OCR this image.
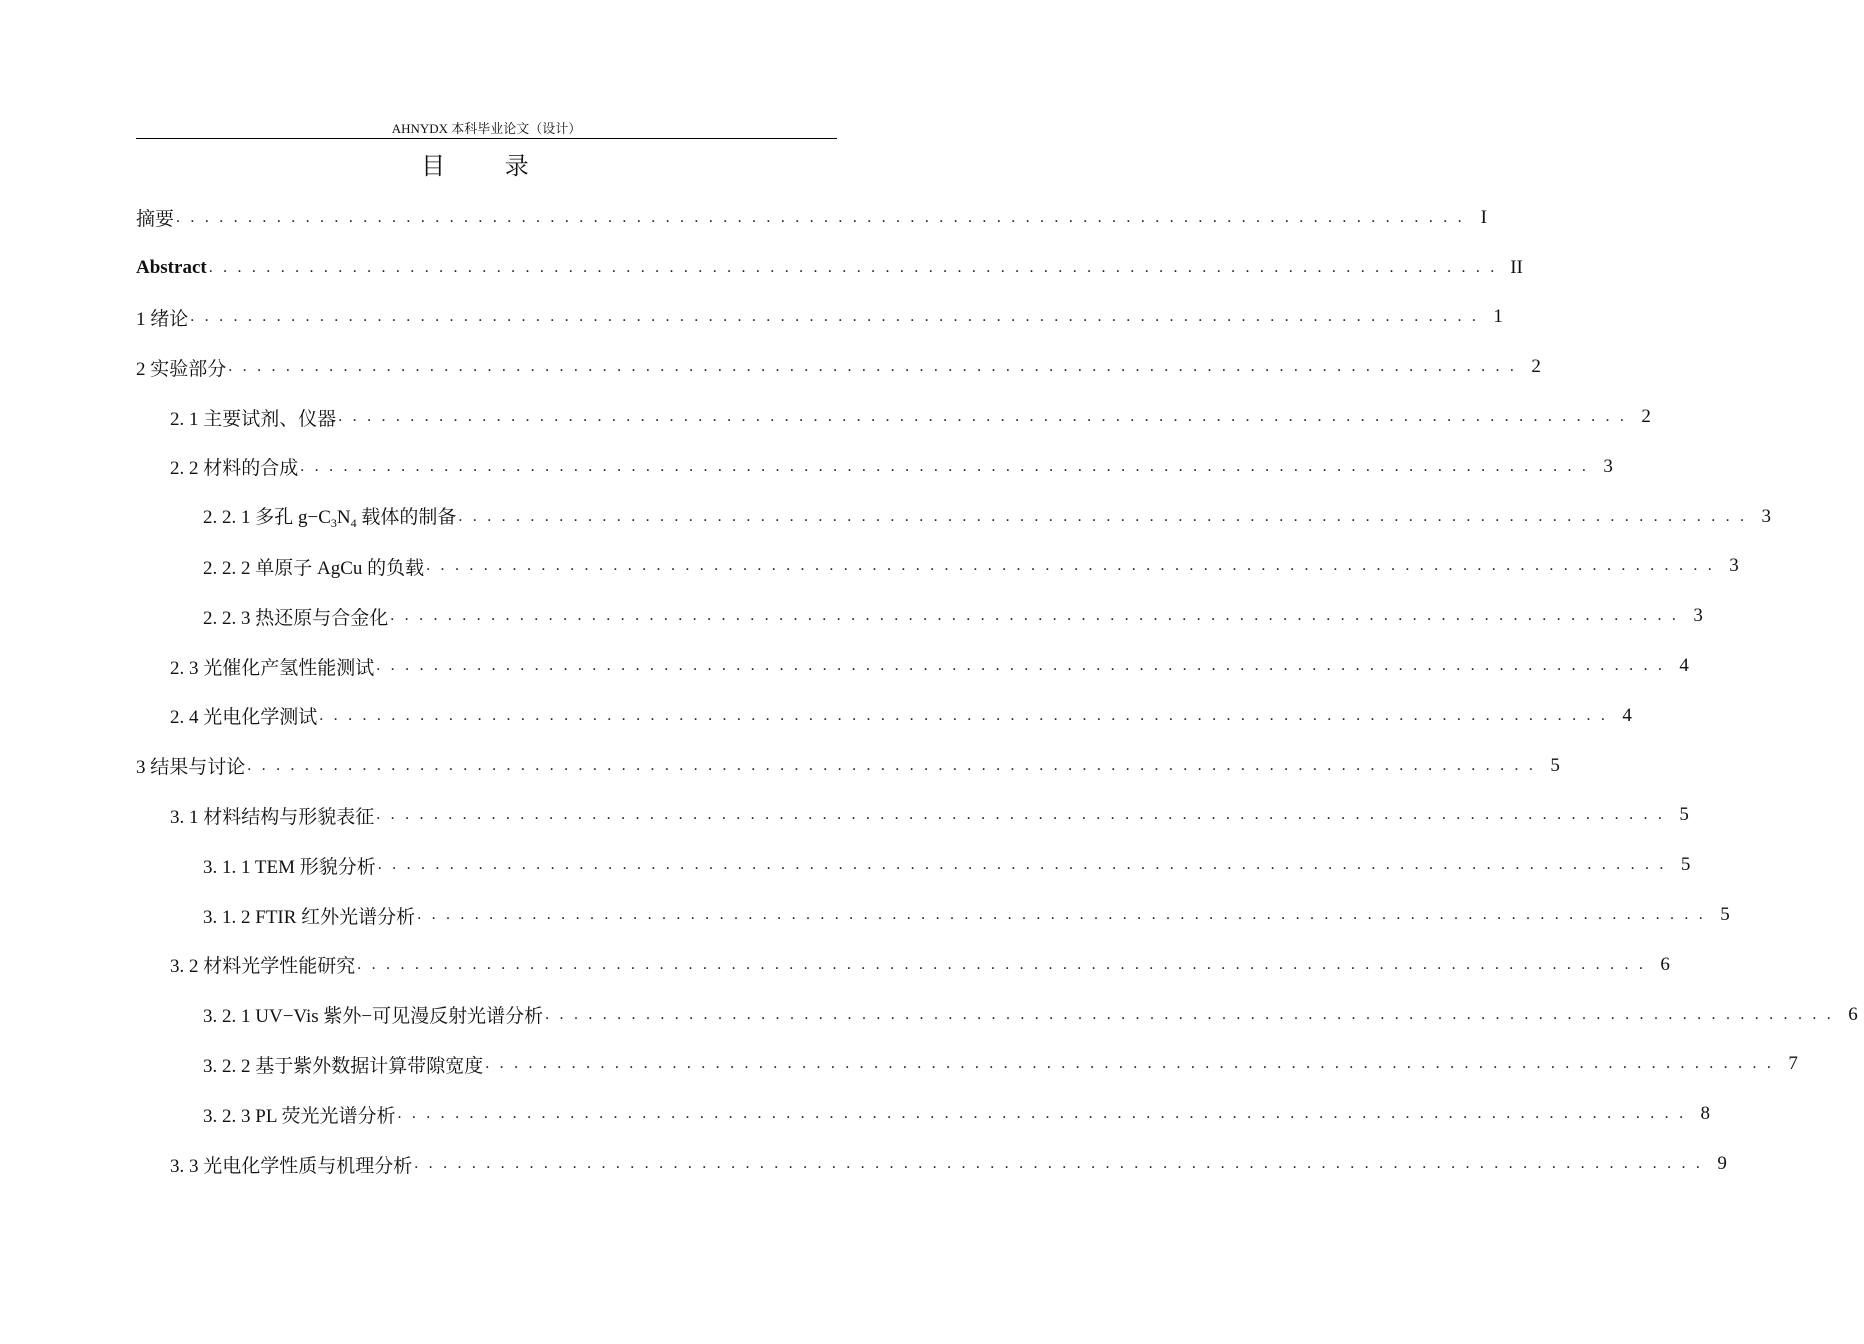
AHNYDX 本科毕业论文（设计）
目 录
摘要 . . . . . . . . . . . . . . . . . . . . . . . . . . . . . . . . . . . . . . . . . . . . . . . . . . . . . . . . . . . . . . . . . . . . . . . . . . . . . . . . . . . . . . . . . . I
Abstract . . . . . . . . . . . . . . . . . . . . . . . . . . . . . . . . . . . . . . . . . . . . . . . . . . . . . . . . . . . . . . . . . . . . . . . . . . . . . . . . . . . . . . . . . . II
1 绪论 . . . . . . . . . . . . . . . . . . . . . . . . . . . . . . . . . . . . . . . . . . . . . . . . . . . . . . . . . . . . . . . . . . . . . . . . . . . . . . . . . . . . . . . . . . 1
2 实验部分 . . . . . . . . . . . . . . . . . . . . . . . . . . . . . . . . . . . . . . . . . . . . . . . . . . . . . . . . . . . . . . . . . . . . . . . . . . . . . . . . . . . . . . . . . . 2
2. 1 主要试剂、仪器 . . . . . . . . . . . . . . . . . . . . . . . . . . . . . . . . . . . . . . . . . . . . . . . . . . . . . . . . . . . . . . . . . . . . . . . . . . . . . . . . . . . . . . . . . . 2
2. 2 材料的合成 . . . . . . . . . . . . . . . . . . . . . . . . . . . . . . . . . . . . . . . . . . . . . . . . . . . . . . . . . . . . . . . . . . . . . . . . . . . . . . . . . . . . . . . . . . 3
2. 2. 1 多孔 $g-C_3N_4$ 载体的制备 . . . . . . . . . . . . . . . . . . . . . . . . . . . . . . . . . . . . . . . . . . . . . . . . . . . . . . . . . . . . . . . . . . . . . . . . . . . . . . . . . . . . . . . . . . 3
2. 2. 2 单原子 AgCu 的负载 . . . . . . . . . . . . . . . . . . . . . . . . . . . . . . . . . . . . . . . . . . . . . . . . . . . . . . . . . . . . . . . . . . . . . . . . . . . . . . . . . . . . . . . . . . 3
2. 2. 3 热还原与合金化 . . . . . . . . . . . . . . . . . . . . . . . . . . . . . . . . . . . . . . . . . . . . . . . . . . . . . . . . . . . . . . . . . . . . . . . . . . . . . . . . . . . . . . . . . . 3
2. 3 光催化产氢性能测试 . . . . . . . . . . . . . . . . . . . . . . . . . . . . . . . . . . . . . . . . . . . . . . . . . . . . . . . . . . . . . . . . . . . . . . . . . . . . . . . . . . . . . . . . . . 4
2. 4 光电化学测试 . . . . . . . . . . . . . . . . . . . . . . . . . . . . . . . . . . . . . . . . . . . . . . . . . . . . . . . . . . . . . . . . . . . . . . . . . . . . . . . . . . . . . . . . . . 4
3 结果与讨论 . . . . . . . . . . . . . . . . . . . . . . . . . . . . . . . . . . . . . . . . . . . . . . . . . . . . . . . . . . . . . . . . . . . . . . . . . . . . . . . . . . . . . . . . . . 5
3. 1 材料结构与形貌表征 . . . . . . . . . . . . . . . . . . . . . . . . . . . . . . . . . . . . . . . . . . . . . . . . . . . . . . . . . . . . . . . . . . . . . . . . . . . . . . . . . . . . . . . . . . 5
3. 1. 1 TEM 形貌分析 . . . . . . . . . . . . . . . . . . . . . . . . . . . . . . . . . . . . . . . . . . . . . . . . . . . . . . . . . . . . . . . . . . . . . . . . . . . . . . . . . . . . . . . . . . 5
3. 1. 2 FTIR 红外光谱分析 . . . . . . . . . . . . . . . . . . . . . . . . . . . . . . . . . . . . . . . . . . . . . . . . . . . . . . . . . . . . . . . . . . . . . . . . . . . . . . . . . . . . . . . . . . 5
3. 2 材料光学性能研究 . . . . . . . . . . . . . . . . . . . . . . . . . . . . . . . . . . . . . . . . . . . . . . . . . . . . . . . . . . . . . . . . . . . . . . . . . . . . . . . . . . . . . . . . . . 6
3. 2. 1 UV−Vis 紫外−可见漫反射光谱分析 . . . . . . . . . . . . . . . . . . . . . . . . . . . . . . . . . . . . . . . . . . . . . . . . . . . . . . . . . . . . . . . . . . . . . . . . . . . . . . . . . . . . . . . . . . 6
3. 2. 2 基于紫外数据计算带隙宽度 . . . . . . . . . . . . . . . . . . . . . . . . . . . . . . . . . . . . . . . . . . . . . . . . . . . . . . . . . . . . . . . . . . . . . . . . . . . . . . . . . . . . . . . . . . 7
3. 2. 3 PL 荧光光谱分析 . . . . . . . . . . . . . . . . . . . . . . . . . . . . . . . . . . . . . . . . . . . . . . . . . . . . . . . . . . . . . . . . . . . . . . . . . . . . . . . . . . . . . . . . . . 8
3. 3 光电化学性质与机理分析 . . . . . . . . . . . . . . . . . . . . . . . . . . . . . . . . . . . . . . . . . . . . . . . . . . . . . . . . . . . . . . . . . . . . . . . . . . . . . . . . . . . . . . . . . . 9
